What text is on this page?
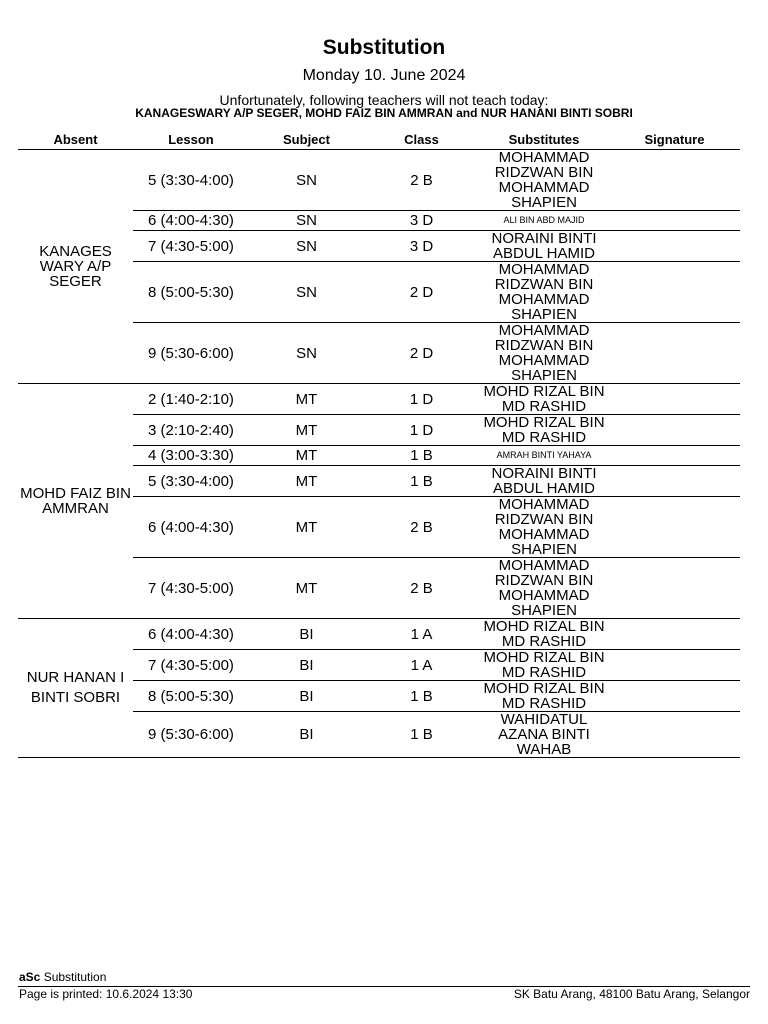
Substitution
Monday 10. June 2024
Unfortunately, following teachers will not teach today:
KANAGESWARY A/P SEGER, MOHD FAIZ BIN AMMRAN and NUR HANANI BINTI SOBRI
Absent	Lesson	Subject	Class	Substitutes	Signature
KANAGES WARY A/P SEGER	5 (3:30-4:00)	SN	2 B	MOHAMMAD RIDZWAN BIN MOHAMMAD SHAPIEN	
	6 (4:00-4:30)	SN	3 D	ALI BIN ABD MAJID	
	7 (4:30-5:00)	SN	3 D	NORAINI BINTI ABDUL HAMID	
	8 (5:00-5:30)	SN	2 D	MOHAMMAD RIDZWAN BIN MOHAMMAD SHAPIEN	
	9 (5:30-6:00)	SN	2 D	MOHAMMAD RIDZWAN BIN MOHAMMAD SHAPIEN	
MOHD FAIZ BIN AMMRAN	2 (1:40-2:10)	MT	1 D	MOHD RIZAL BIN MD RASHID	
	3 (2:10-2:40)	MT	1 D	MOHD RIZAL BIN MD RASHID	
	4 (3:00-3:30)	MT	1 B	AMRAH BINTI YAHAYA	
	5 (3:30-4:00)	MT	1 B	NORAINI BINTI ABDUL HAMID	
	6 (4:00-4:30)	MT	2 B	MOHAMMAD RIDZWAN BIN MOHAMMAD SHAPIEN	
	7 (4:30-5:00)	MT	2 B	MOHAMMAD RIDZWAN BIN MOHAMMAD SHAPIEN	
NUR HANAN I BINTI SOBRI	6 (4:00-4:30)	BI	1 A	MOHD RIZAL BIN MD RASHID	
	7 (4:30-5:00)	BI	1 A	MOHD RIZAL BIN MD RASHID	
	8 (5:00-5:30)	BI	1 B	MOHD RIZAL BIN MD RASHID	
	9 (5:30-6:00)	BI	1 B	WAHIDATUL AZANA BINTI WAHAB	
aSc Substitution
Page is printed: 10.6.2024 13:30	SK Batu Arang, 48100 Batu Arang, Selangor
